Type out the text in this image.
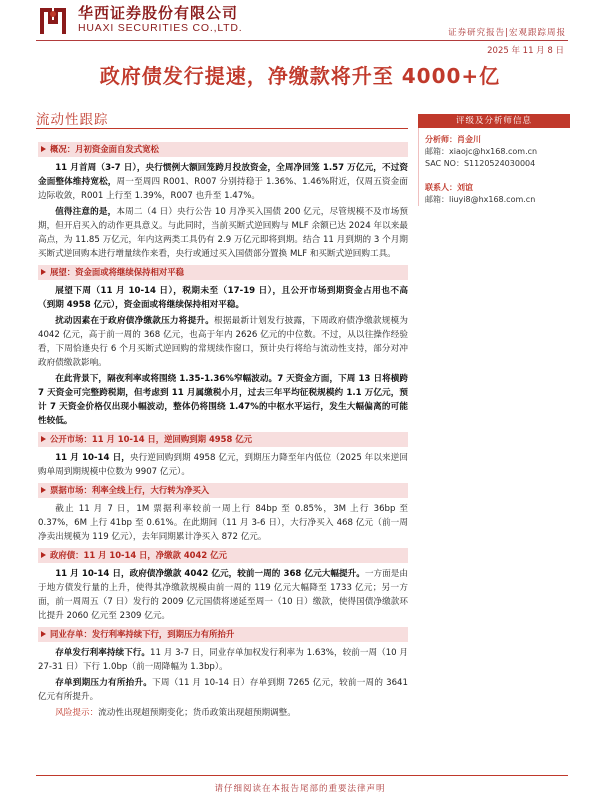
华西证券股份有限公司
HUAXI SECURITIES CO.,LTD.	证券研究报告|宏观跟踪周报
2025 年 11 月 8 日
政府债发行提速，净缴款将升至 4000+亿
流动性跟踪
概况：月初资金面自发式宽松

11 月首周（3-7 日），央行惯例大额回笼跨月投放资金，全周净回笼 1.57 万亿元，不过资金面整体维持宽松，周一至周四 R001、R007 分别持稳于 1.36%、1.46%附近，仅周五资金面边际收敛，R001 上行至 1.39%，R007 也升至 1.47%。

值得注意的是，本周二（4 日）央行公告 10 月净买入国债 200 亿元，尽管规模不及市场预期，但开启买入的动作更具意义。与此同时，当前买断式逆回购与 MLF 余额已达 2024 年以来最高点，为 11.85 万亿元，年内这两类工具仍有 2.9 万亿元即将到期。结合 11 月到期的 3 个月期买断式逆回购本进行增量续作来看，央行或通过买入国债部分置换 MLF 和买断式逆回购工具。

展望：资金面或将继续保持相对平稳

展望下周（11 月 10-14 日），税期未至（17-19 日），且公开市场到期资金占用也不高（到期 4958 亿元），资金面或将继续保持相对平稳。

扰动因素在于政府债净缴款压力将提升。根据最新计划发行披露，下周政府债净缴款规模为 4042 亿元，高于前一周的 368 亿元，也高于年内 2626 亿元的中位数。不过，从以往操作经验看，下周恰逢央行 6 个月买断式逆回购的常规续作窗口，预计央行将给与流动性支持，部分对冲政府债缴款影响。

在此背景下，隔夜利率或将围绕 1.35-1.36%窄幅波动。7 天资金方面，下周 13 日将横跨 7 天资金可完整跨税期，但考虑到 11 月属缴税小月，过去三年平均征税规模约 1.1 万亿元，预计 7 天资金价格仅出现小幅波动，整体仍将围绕 1.47%的中枢水平运行，发生大幅偏离的可能性较低。

公开市场：11 月 10-14 日，逆回购到期 4958 亿元

11 月 10-14 日，央行逆回购到期 4958 亿元，到期压力降至年内低位（2025 年以来逆回购单周到期规模中位数为 9907 亿元）。

票据市场：利率全线上行，大行转为净买入

截止 11 月 7 日，1M 票据利率较前一周上行 84bp 至 0.85%，3M 上行 36bp 至 0.37%，6M 上行 41bp 至 0.61%。在此期间（11 月 3-6 日），大行净买入 468 亿元（前一周净卖出规模为 119 亿元），去年同期累计净买入 872 亿元。

政府债：11 月 10-14 日，净缴款 4042 亿元

11 月 10-14 日，政府债净缴款 4042 亿元，较前一周的 368 亿元大幅提升。一方面是由于地方债发行量的上升，使得其净缴款规模由前一周的 119 亿元大幅降至 1733 亿元；另一方面，前一周周五（7 日）发行的 2009 亿元国债将递延至周一（10 日）缴款，使得国债净缴款环比提升 2060 亿元至 2309 亿元。

同业存单：发行利率持续下行，到期压力有所抬升

存单发行利率持续下行。11 月 3-7 日，同业存单加权发行利率为 1.63%，较前一周（10 月 27-31 日）下行 1.0bp（前一周降幅为 1.3bp）。

存单到期压力有所抬升。下周（11 月 10-14 日）存单到期 7265 亿元，较前一周的 3641 亿元有所提升。

风险提示：流动性出现超预期变化；货币政策出现超预期调整。

评级及分析师信息
分析师：肖金川
邮箱：xiaojc@hx168.com.cn
SAC NO：S1120524030004
联系人：刘谊
邮箱：liuyi8@hx168.com.cn
请仔细阅读在本报告尾部的重要法律声明
